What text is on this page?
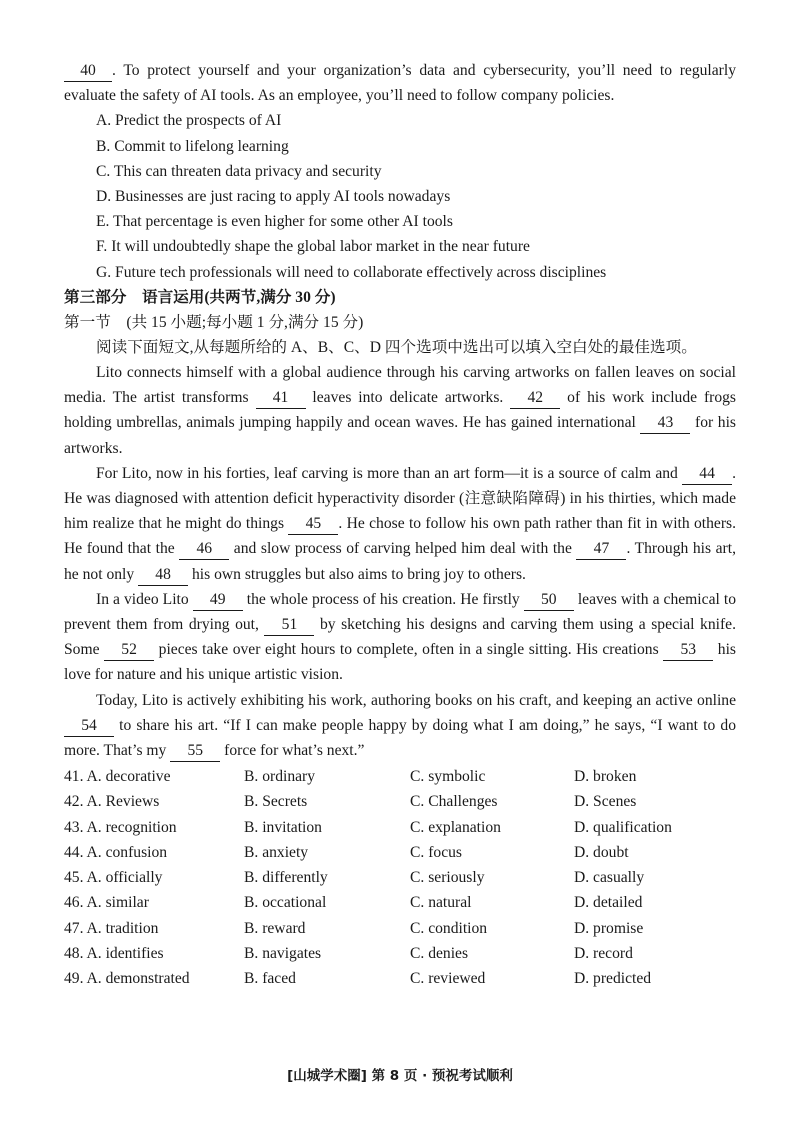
40 . To protect yourself and your organization’s data and cybersecurity, you’ll need to regularly evaluate the safety of AI tools. As an employee, you’ll need to follow company policies.

A. Predict the prospects of AI
B. Commit to lifelong learning
C. This can threaten data privacy and security
D. Businesses are just racing to apply AI tools nowadays
E. That percentage is even higher for some other AI tools
F. It will undoubtedly shape the global labor market in the near future
G. Future tech professionals will need to collaborate effectively across disciplines

第三部分　语言运用(共两节,满分 30 分)

第一节　(共 15 小题;每小题 1 分,满分 15 分)

阅读下面短文,从每题所给的 A、B、C、D 四个选项中选出可以填入空白处的最佳选项。

Lito connects himself with a global audience through his carving artworks on fallen leaves on social media. The artist transforms 41 leaves into delicate artworks. 42 of his work include frogs holding umbrellas, animals jumping happily and ocean waves. He has gained international 43 for his artworks.

For Lito, now in his forties, leaf carving is more than an art form—it is a source of calm and 44 . He was diagnosed with attention deficit hyperactivity disorder (注意缺陷障碍) in his thirties, which made him realize that he might do things 45 . He chose to follow his own path rather than fit in with others. He found that the 46 and slow process of carving helped him deal with the 47 . Through his art, he not only 48 his own struggles but also aims to bring joy to others.

In a video Lito 49 the whole process of his creation. He firstly 50 leaves with a chemical to prevent them from drying out, 51 by sketching his designs and carving them using a special knife. Some 52 pieces take over eight hours to complete, often in a single sitting. His creations 53 his love for nature and his unique artistic vision.

Today, Lito is actively exhibiting his work, authoring books on his craft, and keeping an active online 54 to share his art. “If I can make people happy by doing what I am doing,” he says, “I want to do more. That’s my 55 force for what’s next.”

41. A. decorative	B. ordinary	C. symbolic	D. broken
42. A. Reviews	B. Secrets	C. Challenges	D. Scenes
43. A. recognition	B. invitation	C. explanation	D. qualification
44. A. confusion	B. anxiety	C. focus	D. doubt
45. A. officially	B. differently	C. seriously	D. casually
46. A. similar	B. occational	C. natural	D. detailed
47. A. tradition	B. reward	C. condition	D. promise
48. A. identifies	B. navigates	C. denies	D. record
49. A. demonstrated	B. faced	C. reviewed	D. predicted
[山城学术圈] 第 8 页 · 预祝考试顺利
